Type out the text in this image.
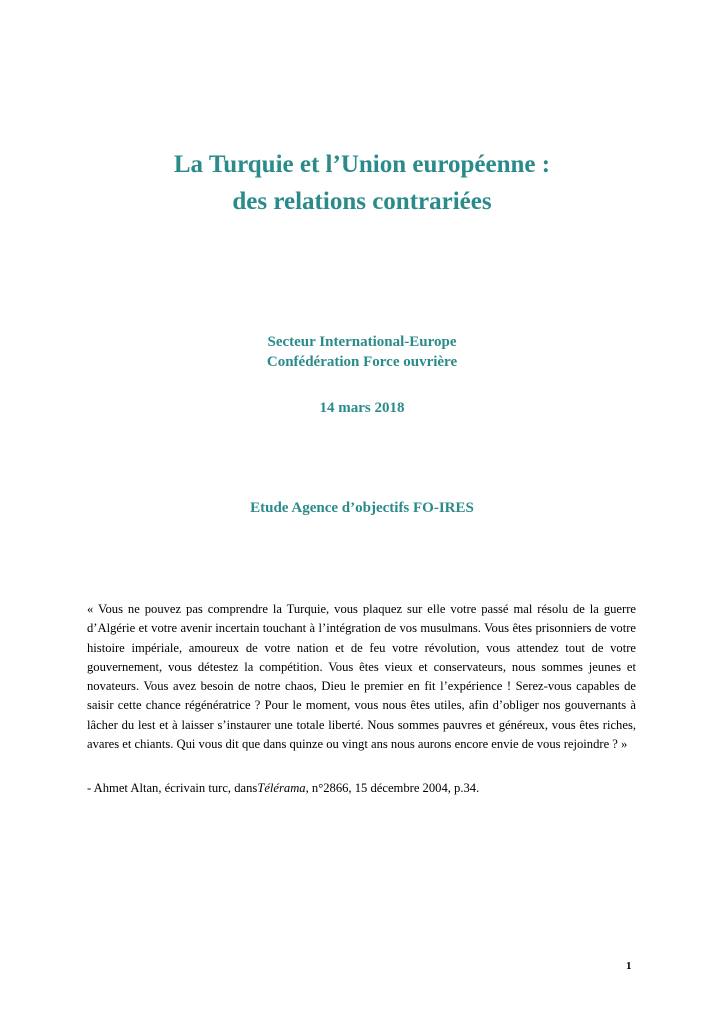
La Turquie et l’Union européenne :
des relations contrariées
Secteur International-Europe
Confédération Force ouvrière
14 mars 2018
Etude Agence d’objectifs FO-IRES

« Vous ne pouvez pas comprendre la Turquie, vous plaquez sur elle votre passé mal résolu de la guerre d’Algérie et votre avenir incertain touchant à l’intégration de vos musulmans. Vous êtes prisonniers de votre histoire impériale, amoureux de votre nation et de feu votre révolution, vous attendez tout de votre gouvernement, vous détestez la compétition. Vous êtes vieux et conservateurs, nous sommes jeunes et novateurs. Vous avez besoin de notre chaos, Dieu le premier en fit l’expérience ! Serez-vous capables de saisir cette chance régénératrice ? Pour le moment, vous nous êtes utiles, afin d’obliger nos gouvernants à lâcher du lest et à laisser s’instaurer une totale liberté. Nous sommes pauvres et généreux, vous êtes riches, avares et chiants. Qui vous dit que dans quinze ou vingt ans nous aurons encore envie de vous rejoindre ? »

- Ahmet Altan, écrivain turc, dansTélérama, n°2866, 15 décembre 2004, p.34.

1
